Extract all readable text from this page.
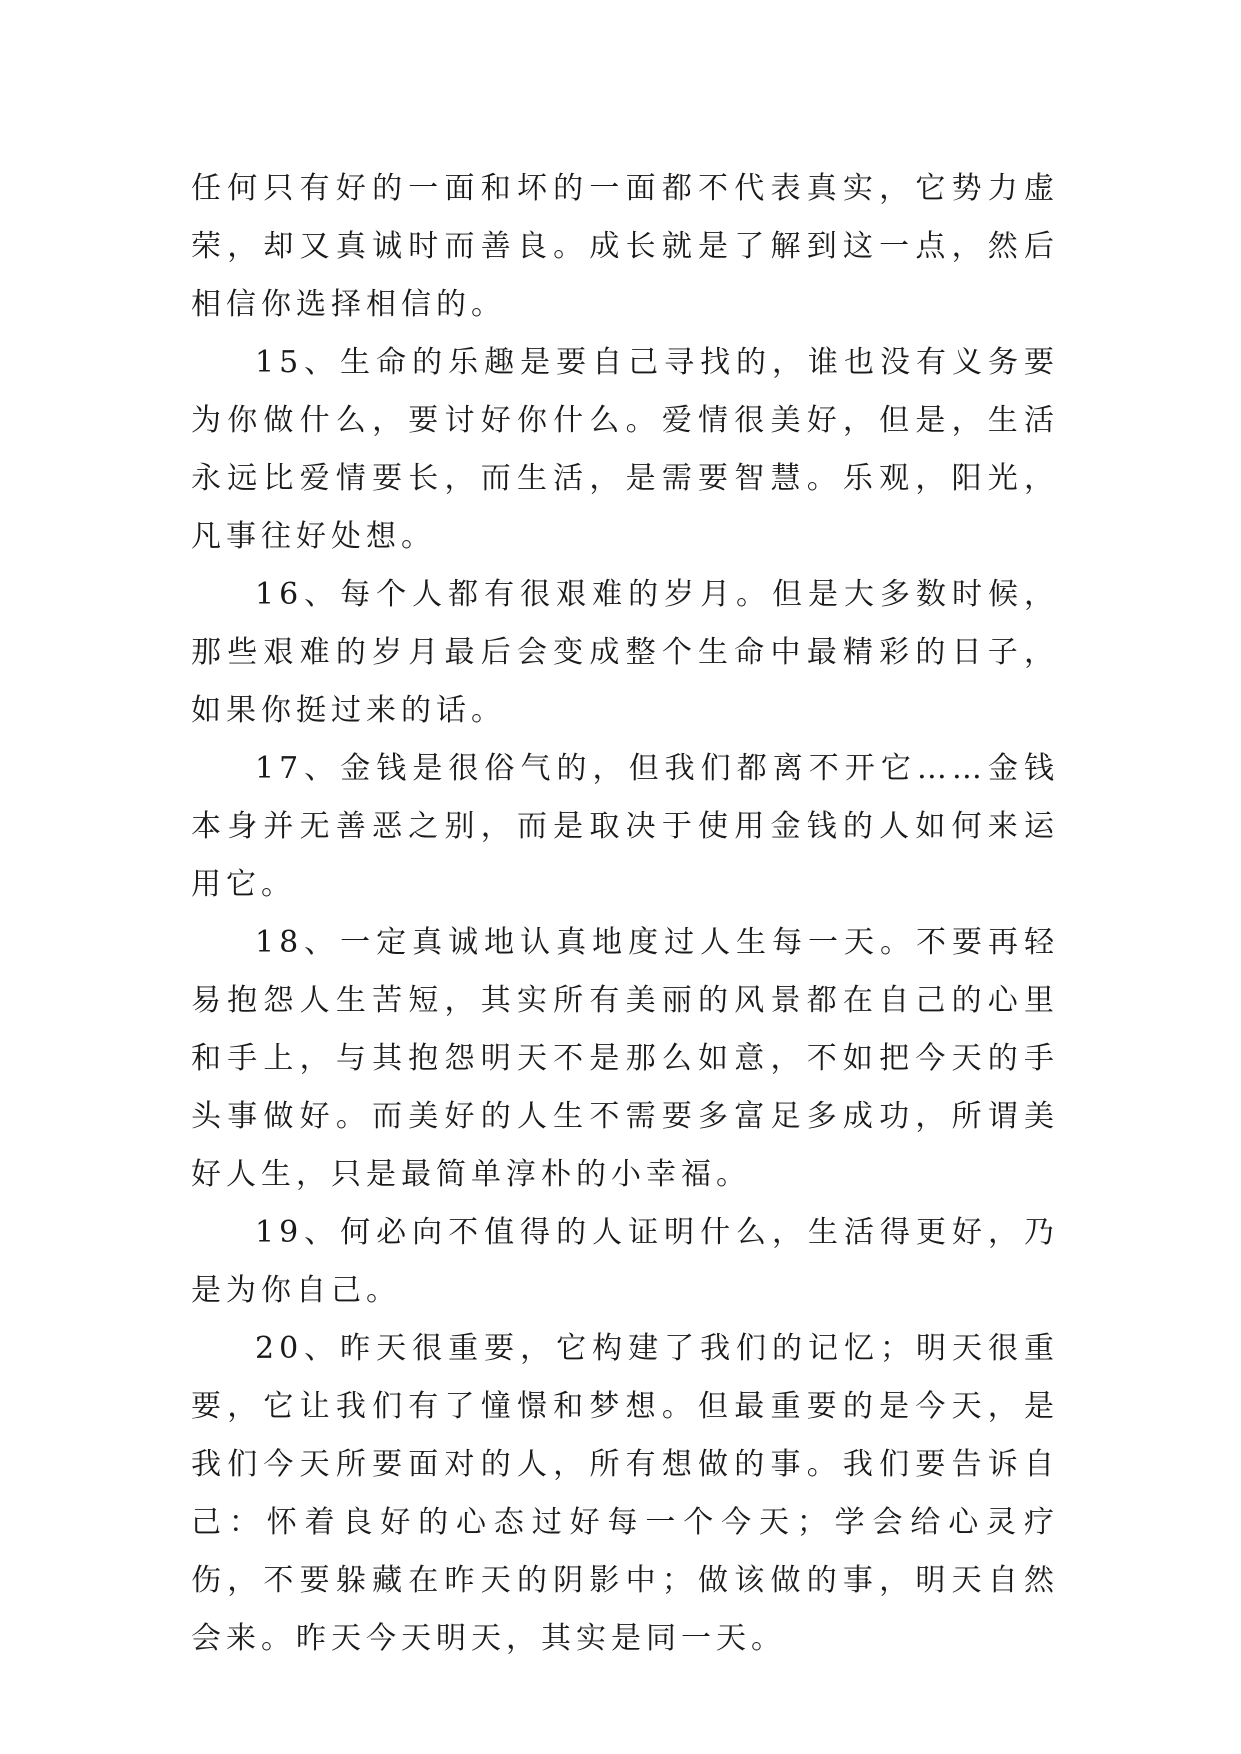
任何只有好的一面和坏的一面都不代表真实，它势力虚荣，却又真诚时而善良。成长就是了解到这一点，然后相信你选择相信的。

15、生命的乐趣是要自己寻找的，谁也没有义务要为你做什么，要讨好你什么。爱情很美好，但是，生活永远比爱情要长，而生活，是需要智慧。乐观，阳光，凡事往好处想。

16、每个人都有很艰难的岁月。但是大多数时候，那些艰难的岁月最后会变成整个生命中最精彩的日子，如果你挺过来的话。

17、金钱是很俗气的，但我们都离不开它……金钱本身并无善恶之别，而是取决于使用金钱的人如何来运用它。

18、一定真诚地认真地度过人生每一天。不要再轻易抱怨人生苦短，其实所有美丽的风景都在自己的心里和手上，与其抱怨明天不是那么如意，不如把今天的手头事做好。而美好的人生不需要多富足多成功，所谓美好人生，只是最简单淳朴的小幸福。

19、何必向不值得的人证明什么，生活得更好，乃是为你自己。

20、昨天很重要，它构建了我们的记忆；明天很重要，它让我们有了憧憬和梦想。但最重要的是今天，是我们今天所要面对的人，所有想做的事。我们要告诉自己：怀着良好的心态过好每一个今天；学会给心灵疗伤，不要躲藏在昨天的阴影中；做该做的事，明天自然会来。昨天今天明天，其实是同一天。
